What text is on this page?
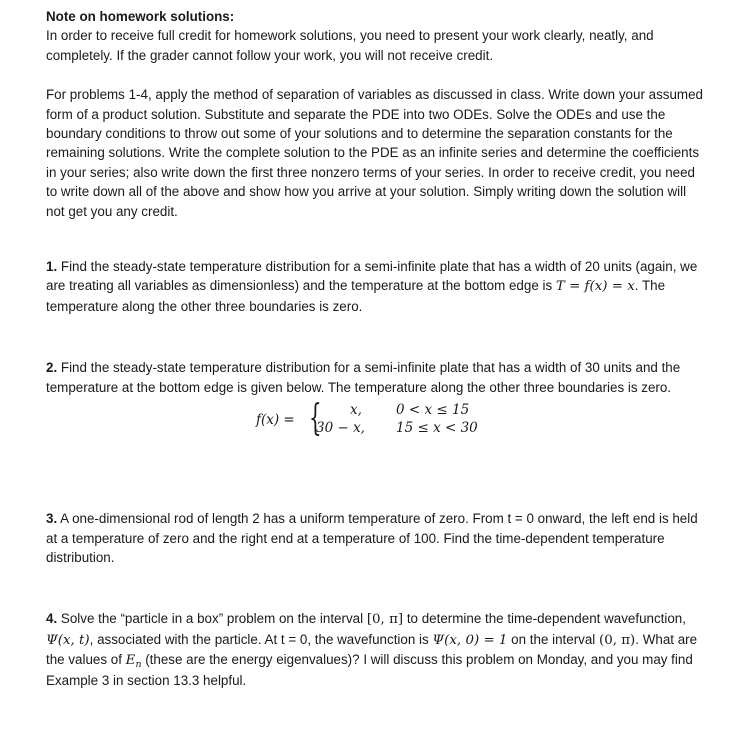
Note on homework solutions:

In order to receive full credit for homework solutions, you need to present your work clearly, neatly, and completely. If the grader cannot follow your work, you will not receive credit.

For problems 1-4, apply the method of separation of variables as discussed in class. Write down your assumed form of a product solution. Substitute and separate the PDE into two ODEs. Solve the ODEs and use the boundary conditions to throw out some of your solutions and to determine the separation constants for the remaining solutions. Write the complete solution to the PDE as an infinite series and determine the coefficients in your series; also write down the first three nonzero terms of your series. In order to receive credit, you need to write down all of the above and show how you arrive at your solution. Simply writing down the solution will not get you any credit.

1. Find the steady-state temperature distribution for a semi-infinite plate that has a width of 20 units (again, we are treating all variables as dimensionless) and the temperature at the bottom edge is T = f(x) = x. The temperature along the other three boundaries is zero.

2. Find the steady-state temperature distribution for a semi-infinite plate that has a width of 30 units and the temperature at the bottom edge is given below. The temperature along the other three boundaries is zero.

f(x) = { x,	0 < x ≤ 15
30 − x, 15 ≤ x < 30

3. A one-dimensional rod of length 2 has a uniform temperature of zero. From t = 0 onward, the left end is held at a temperature of zero and the right end at a temperature of 100. Find the time-dependent temperature distribution.

4. Solve the “particle in a box” problem on the interval [0, π] to determine the time-dependent wavefunction, Ψ(x, t), associated with the particle. At t = 0, the wavefunction is Ψ(x, 0) = 1 on the interval (0, π). What are the values of $E_n$ (these are the energy eigenvalues)? I will discuss this problem on Monday, and you may find Example 3 in section 13.3 helpful.
